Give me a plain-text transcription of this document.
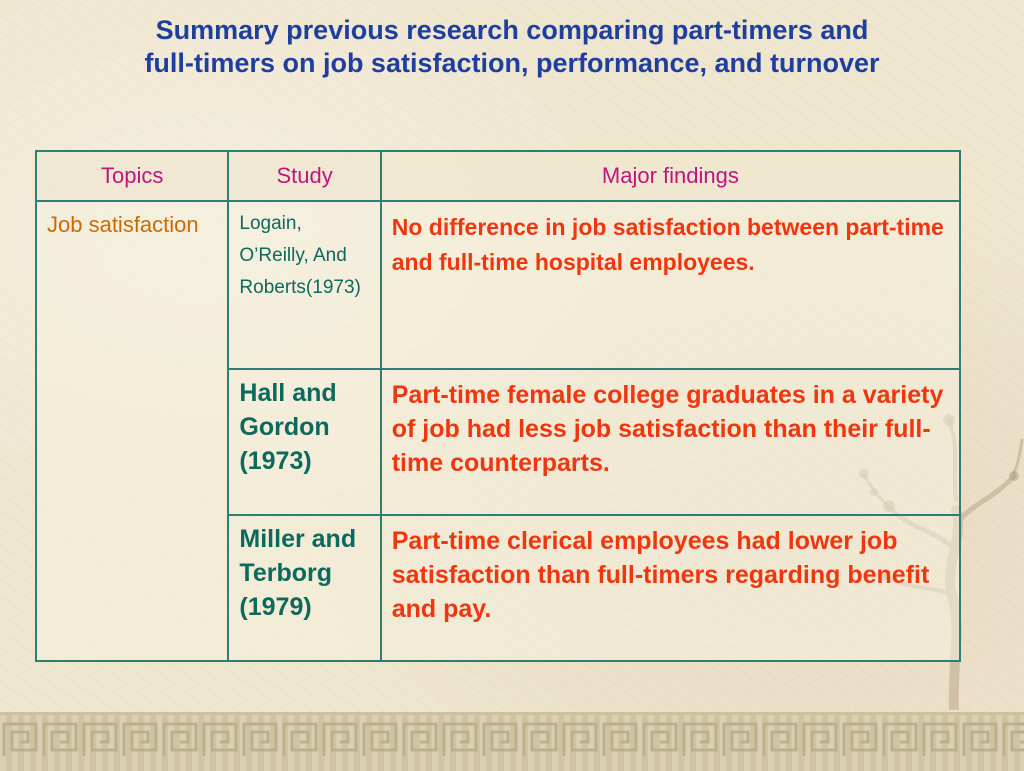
Summary previous research comparing part-timers and
full-timers on job satisfaction, performance, and turnover
Topics	Study	Major findings
Job satisfaction	Logain, O’Reilly, And Roberts(1973)	No difference in job satisfaction between part-time and full-time hospital employees.
	Hall and Gordon (1973)	Part-time female college graduates in a variety of job had less job satisfaction than their full-time counterparts.
	Miller and Terborg (1979)	Part-time clerical employees had lower job satisfaction than full-timers regarding benefit and pay.
